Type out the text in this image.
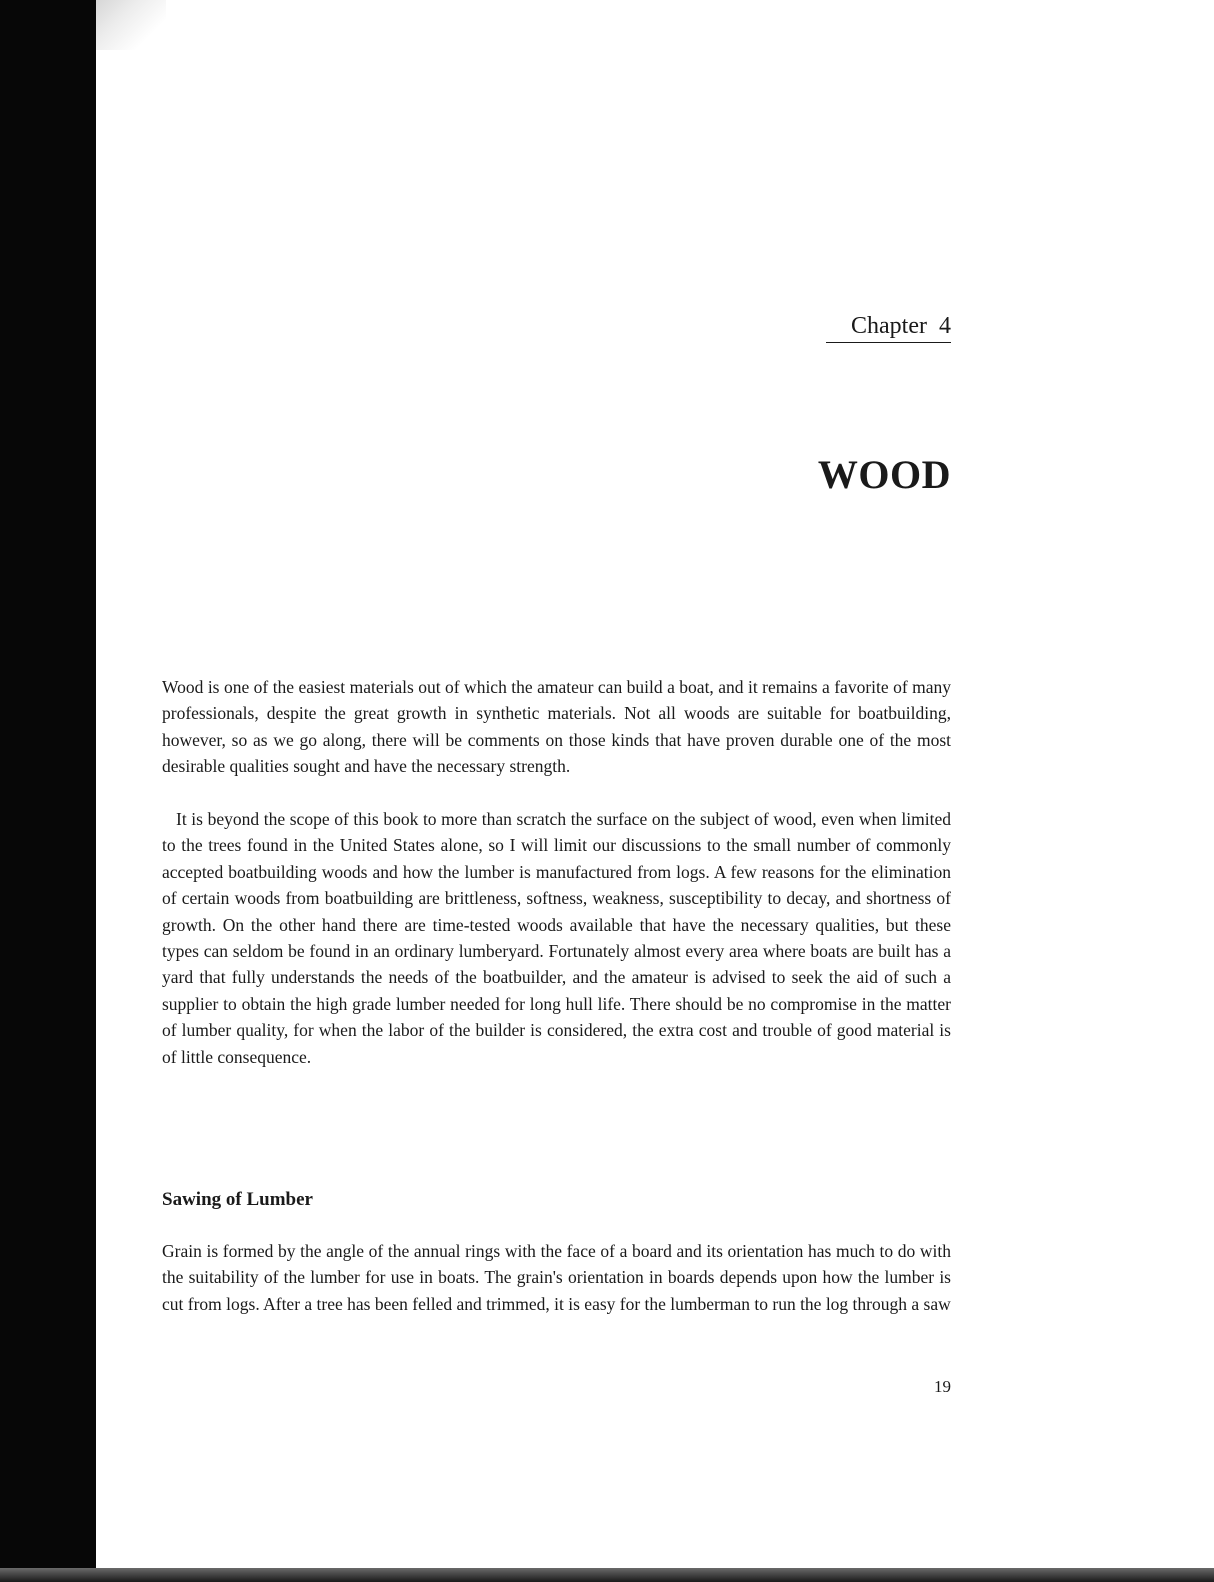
Chapter 4
WOOD

Wood is one of the easiest materials out of which the amateur can build a boat, and it remains a favorite of many professionals, despite the great growth in synthetic materials. Not all woods are suitable for boatbuilding, however, so as we go along, there will be comments on those kinds that have proven durable one of the most desirable qualities sought and have the necessary strength.

It is beyond the scope of this book to more than scratch the surface on the subject of wood, even when limited to the trees found in the United States alone, so I will limit our discussions to the small number of commonly accepted boatbuilding woods and how the lumber is manufactured from logs. A few reasons for the elimination of certain woods from boatbuilding are brittleness, softness, weakness, susceptibility to decay, and shortness of growth. On the other hand there are time-tested woods available that have the necessary qualities, but these types can seldom be found in an ordinary lumberyard. Fortunately almost every area where boats are built has a yard that fully understands the needs of the boatbuilder, and the amateur is advised to seek the aid of such a supplier to obtain the high grade lumber needed for long hull life. There should be no compromise in the matter of lumber quality, for when the labor of the builder is considered, the extra cost and trouble of good material is of little consequence.

Sawing of Lumber

Grain is formed by the angle of the annual rings with the face of a board and its orientation has much to do with the suitability of the lumber for use in boats. The grain's orientation in boards depends upon how the lumber is cut from logs. After a tree has been felled and trimmed, it is easy for the lumberman to run the log through a saw

19
